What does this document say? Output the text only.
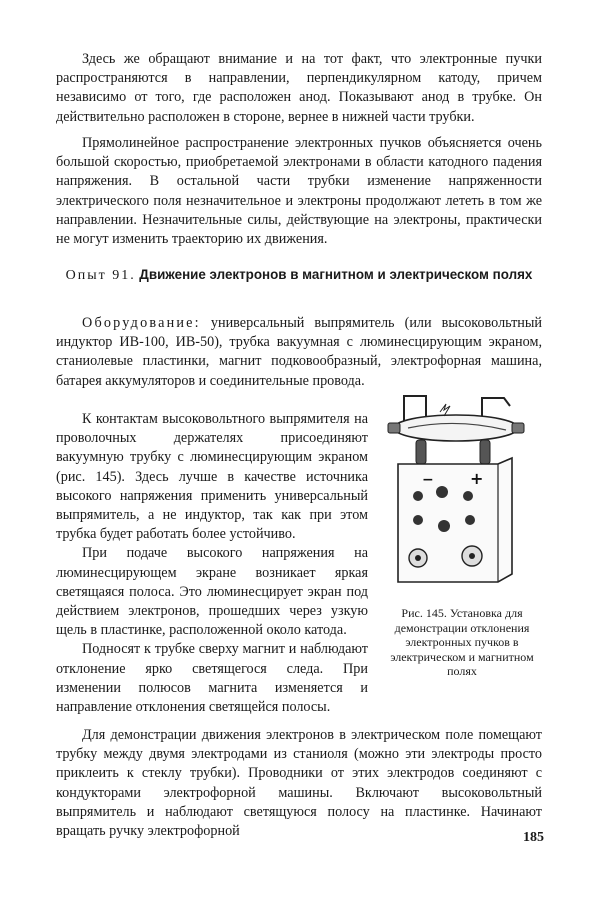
Здесь же обращают внимание и на тот факт, что электронные пучки распространяются в направлении, перпендикулярном катоду, причем независимо от того, где расположен анод. Показывают анод в трубке. Он действительно расположен в стороне, вернее в нижней части трубки.

Прямолинейное распространение электронных пучков объясняется очень большой скоростью, приобретаемой электронами в области катодного падения напряжения. В остальной части трубки изменение напряженности электрического поля незначительное и электроны продолжают лететь в том же направлении. Незначительные силы, действующие на электроны, практически не могут изменить траекторию их движения.

Опыт 91. Движение электронов в магнитном и электрическом полях

Оборудование: универсальный выпрямитель (или высоковольтный индуктор ИВ-100, ИВ-50), трубка вакуумная с люминесцирующим экраном, станиолевые пластинки, магнит подковообразный, электрофорная машина, батарея аккумуляторов и соединительные провода.

К контактам высоковольтного выпрямителя на проволочных держателях присоединяют вакуумную трубку с люминесцирующим экраном (рис. 145). Здесь лучше в качестве источника высокого напряжения применить универсальный выпрямитель, а не индуктор, так как при этом трубка будет работать более устойчиво.

При подаче высокого напряжения на люминесцирующем экране возникает яркая светящаяся полоса. Это люминесцирует экран под действием электронов, прошедших через узкую щель в пластинке, расположенной около катода.

Подносят к трубке сверху магнит и наблюдают отклонение ярко светящегося следа. При изменении полюсов магнита изменяется и направление отклонения светящейся полосы.

− +

Рис. 145. Установка для демонстрации отклонения электронных пучков в электрическом и магнитном полях

Для демонстрации движения электронов в электрическом поле помещают трубку между двумя электродами из станиоля (можно эти электроды просто приклеить к стеклу трубки). Проводники от этих электродов соединяют с кондукторами электрофорной машины. Включают высоковольтный выпрямитель и наблюдают светящуюся полосу на пластинке. Начинают вращать ручку электрофорной	185
